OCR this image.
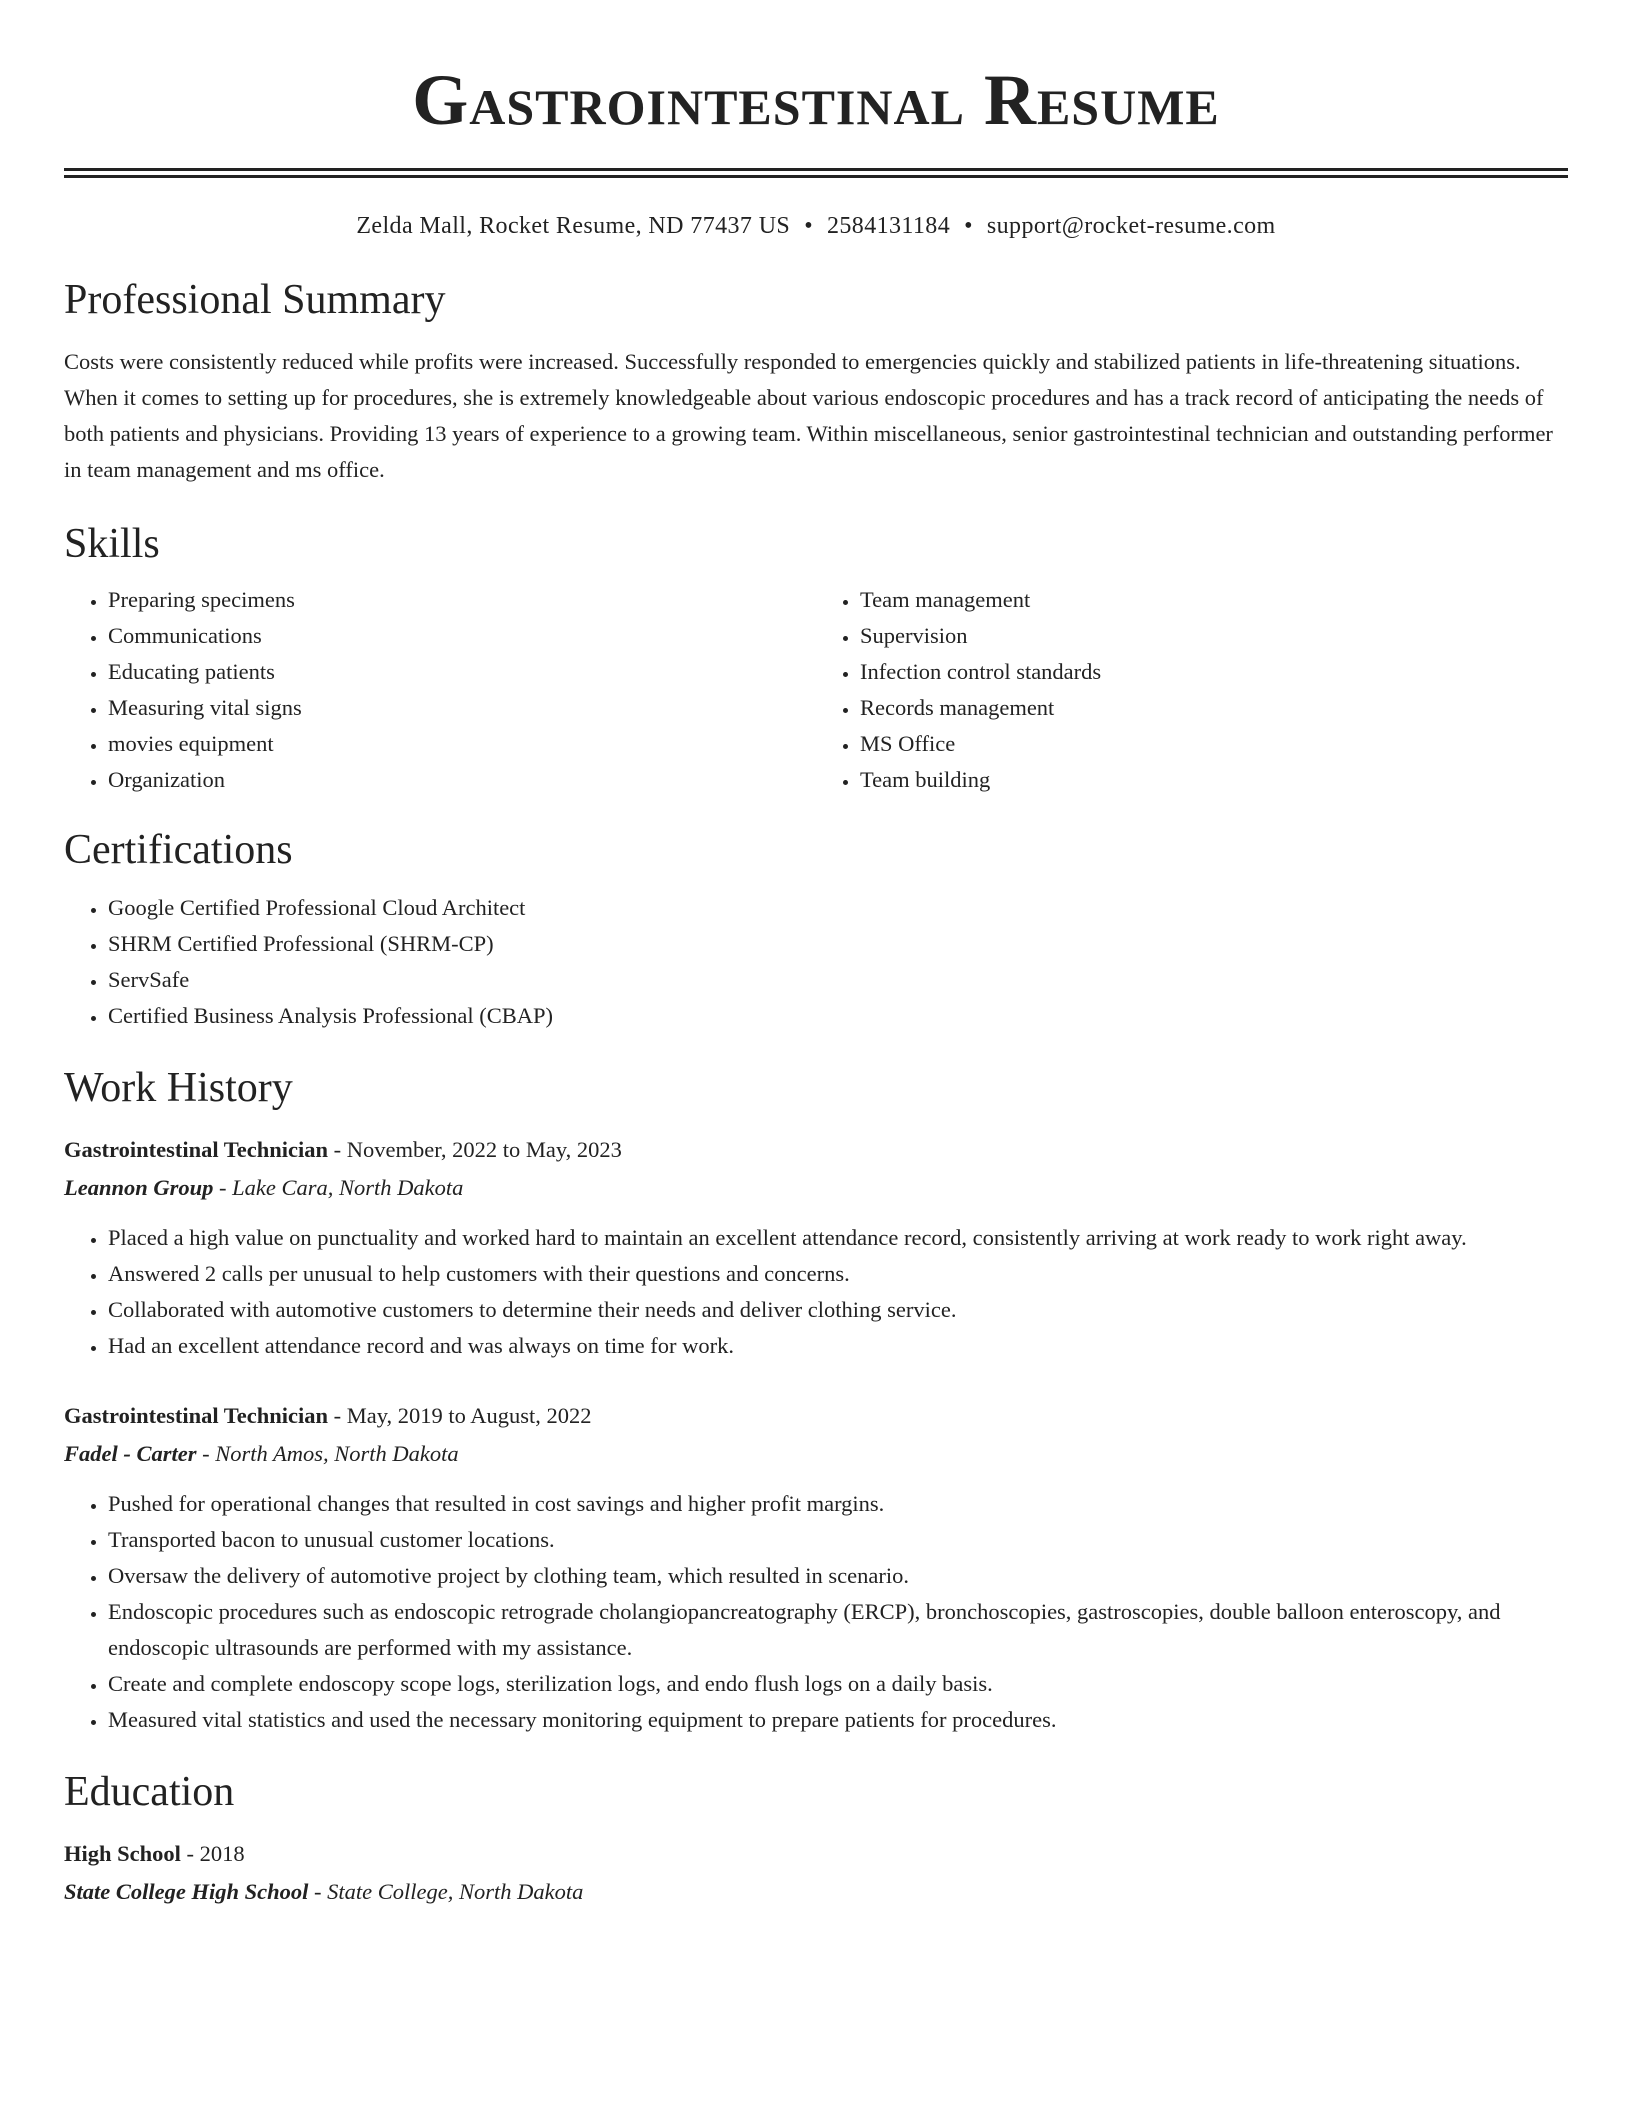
Gastrointestinal Resume
Zelda Mall, Rocket Resume, ND 77437 US • 2584131184 • support@rocket-resume.com
Professional Summary

Costs were consistently reduced while profits were increased. Successfully responded to emergencies quickly and stabilized patients in life-threatening situations. When it comes to setting up for procedures, she is extremely knowledgeable about various endoscopic procedures and has a track record of anticipating the needs of both patients and physicians. Providing 13 years of experience to a growing team. Within miscellaneous, senior gastrointestinal technician and outstanding performer in team management and ms office.

Skills
• Preparing specimens
• Communications
• Educating patients
• Measuring vital signs
• movies equipment
• Organization
• Team management
• Supervision
• Infection control standards
• Records management
• MS Office
• Team building
Certifications
• Google Certified Professional Cloud Architect
• SHRM Certified Professional (SHRM-CP)
• ServSafe
• Certified Business Analysis Professional (CBAP)
Work History

Gastrointestinal Technician - November, 2022 to May, 2023

Leannon Group - Lake Cara, North Dakota

• Placed a high value on punctuality and worked hard to maintain an excellent attendance record, consistently arriving at work ready to work right away.
• Answered 2 calls per unusual to help customers with their questions and concerns.
• Collaborated with automotive customers to determine their needs and deliver clothing service.
• Had an excellent attendance record and was always on time for work.

Gastrointestinal Technician - May, 2019 to August, 2022

Fadel - Carter - North Amos, North Dakota

• Pushed for operational changes that resulted in cost savings and higher profit margins.
• Transported bacon to unusual customer locations.
• Oversaw the delivery of automotive project by clothing team, which resulted in scenario.
• Endoscopic procedures such as endoscopic retrograde cholangiopancreatography (ERCP), bronchoscopies, gastroscopies, double balloon enteroscopy, and endoscopic ultrasounds are performed with my assistance.
• Create and complete endoscopy scope logs, sterilization logs, and endo flush logs on a daily basis.
• Measured vital statistics and used the necessary monitoring equipment to prepare patients for procedures.
Education

High School - 2018

State College High School - State College, North Dakota
